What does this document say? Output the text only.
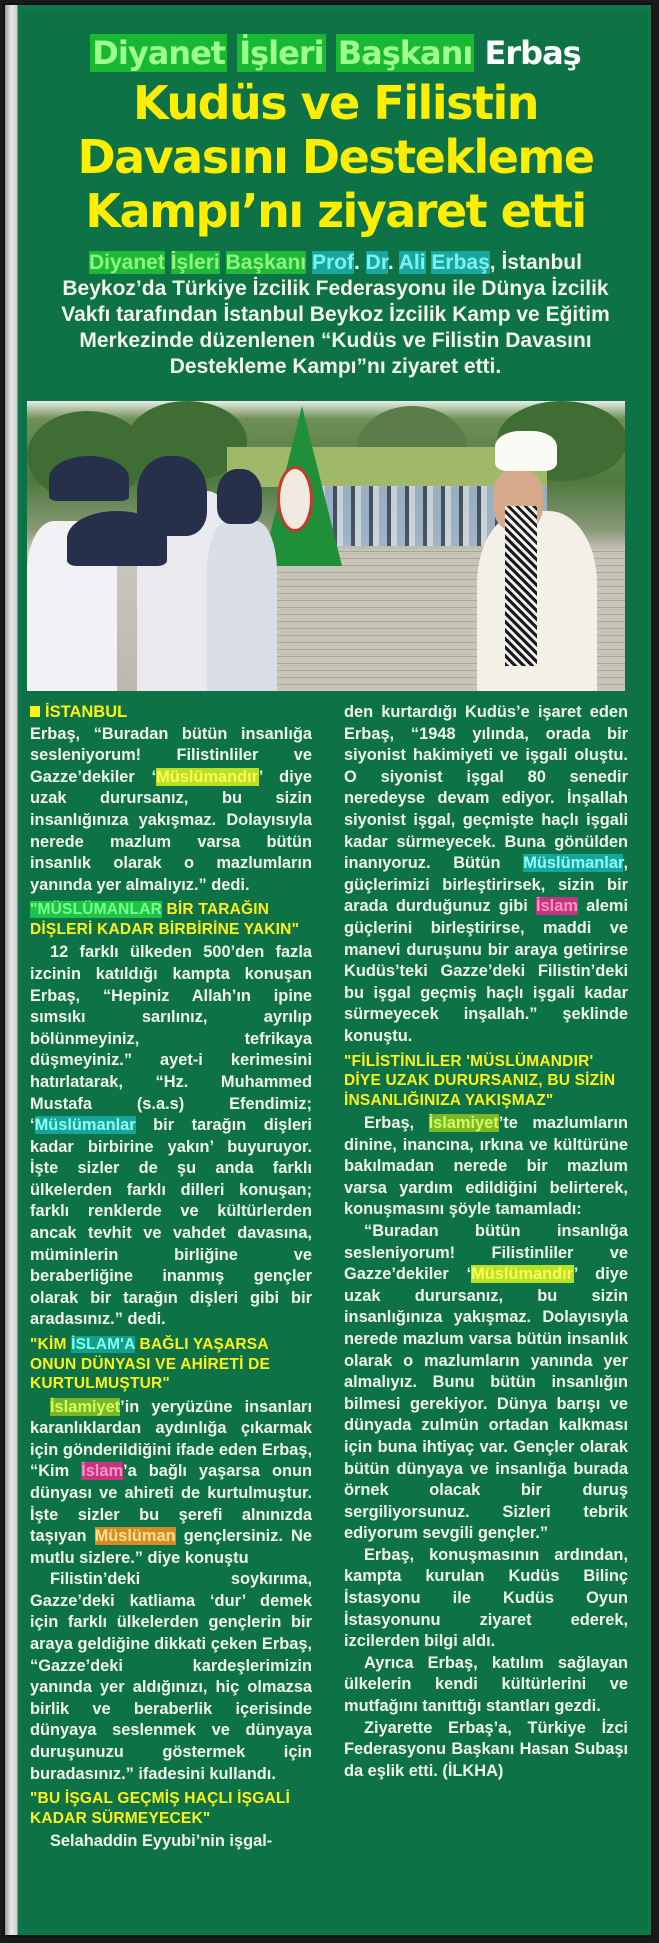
Diyanet İşleri Başkanı Erbaş
Kudüs ve Filistin
Davasını Destekleme
Kampı’nı ziyaret etti
Diyanet İşleri Başkanı Prof. Dr. Ali Erbaş, İstanbul Beykoz’da Türkiye İzcilik Federasyonu ile Dünya İzcilik Vakfı tarafından İstanbul Beykoz İzcilik Kamp ve Eğitim Merkezinde düzenlenen “Kudüs ve Filistin Davasını Destekleme Kampı”nı ziyaret etti.
İSTANBUL

Erbaş, “Buradan bütün insanlığa sesleniyorum! Filistinliler ve Gazze’dekiler ‘Müslümandır’ diye uzak durursanız, bu sizin insanlığınıza yakışmaz. Dolayısıyla nerede mazlum varsa bütün insanlık olarak o mazlumların yanında yer almalıyız.” dedi.

"MÜSLÜMANLAR BİR TARAĞIN DİŞLERİ KADAR BİRBİRİNE YAKIN"

12 farklı ülkeden 500’den fazla izcinin katıldığı kampta konuşan Erbaş, “Hepiniz Allah’ın ipine sımsıkı sarılınız, ayrılıp bölünmeyiniz, tefrikaya düşmeyiniz.” ayet-i kerimesini hatırlatarak, “Hz. Muhammed Mustafa (s.a.s) Efendimiz; ‘Müslümanlar bir tarağın dişleri kadar birbirine yakın’ buyuruyor. İşte sizler de şu anda farklı ülkelerden farklı dilleri konuşan; farklı renklerde ve kültürlerden ancak tevhit ve vahdet davasına, müminlerin birliğine ve beraberliğine inanmış gençler olarak bir tarağın dişleri gibi bir aradasınız.” dedi.

"KİM İSLAM'A BAĞLI YAŞARSA ONUN DÜNYASI VE AHİRETİ DE KURTULMUŞTUR"

İslamiyet’in yeryüzüne insanları karanlıklardan aydınlığa çıkarmak için gönderildiğini ifade eden Erbaş, “Kim İslam’a bağlı yaşarsa onun dünyası ve ahireti de kurtulmuştur. İşte sizler bu şerefi alnınızda taşıyan Müslüman gençlersiniz. Ne mutlu sizlere.” diye konuştu

Filistin’deki soykırıma, Gazze’deki katliama ‘dur’ demek için farklı ülkelerden gençlerin bir araya geldiğine dikkati çeken Erbaş, “Gazze’deki kardeşlerimizin yanında yer aldığınızı, hiç olmazsa birlik ve beraberlik içerisinde dünyaya seslenmek ve dünyaya duruşunuzu göstermek için buradasınız.” ifadesini kullandı.

"BU İŞGAL GEÇMİŞ HAÇLI İŞGALİ KADAR SÜRMEYECEK"

Selahaddin Eyyubi’nin işgal-

den kurtardığı Kudüs’e işaret eden Erbaş, “1948 yılında, orada bir siyonist hakimiyeti ve işgali oluştu. O siyonist işgal 80 senedir neredeyse devam ediyor. İnşallah siyonist işgal, geçmişte haçlı işgali kadar sürmeyecek. Buna gönülden inanıyoruz. Bütün Müslümanlar, güçlerimizi birleştirirsek, sizin bir arada durduğunuz gibi İslam alemi güçlerini birleştirirse, maddi ve manevi duruşunu bir araya getirirse Kudüs’teki Gazze’deki Filistin’deki bu işgal geçmiş haçlı işgali kadar sürmeyecek inşallah.” şeklinde konuştu.

"FİLİSTİNLİLER 'MÜSLÜMANDIR' DİYE UZAK DURURSANIZ, BU SİZİN İNSANLIĞINIZA YAKIŞMAZ"

Erbaş, İslamiyet’te mazlumların dinine, inancına, ırkına ve kültürüne bakılmadan nerede bir mazlum varsa yardım edildiğini belirterek, konuşmasını şöyle tamamladı:

“Buradan bütün insanlığa sesleniyorum! Filistinliler ve Gazze’dekiler ‘Müslümandır’ diye uzak durursanız, bu sizin insanlığınıza yakışmaz. Dolayısıyla nerede mazlum varsa bütün insanlık olarak o mazlumların yanında yer almalıyız. Bunu bütün insanlığın bilmesi gerekiyor. Dünya barışı ve dünyada zulmün ortadan kalkması için buna ihtiyaç var. Gençler olarak bütün dünyaya ve insanlığa burada örnek olacak bir duruş sergiliyorsunuz. Sizleri tebrik ediyorum sevgili gençler.”

Erbaş, konuşmasının ardından, kampta kurulan Kudüs Bilinç İstasyonu ile Kudüs Oyun İstasyonunu ziyaret ederek, izcilerden bilgi aldı.

Ayrıca Erbaş, katılım sağlayan ülkelerin kendi kültürlerini ve mutfağını tanıttığı stantları gezdi.

Ziyarette Erbaş’a, Türkiye İzci Federasyonu Başkanı Hasan Subaşı da eşlik etti. (İLKHA)
